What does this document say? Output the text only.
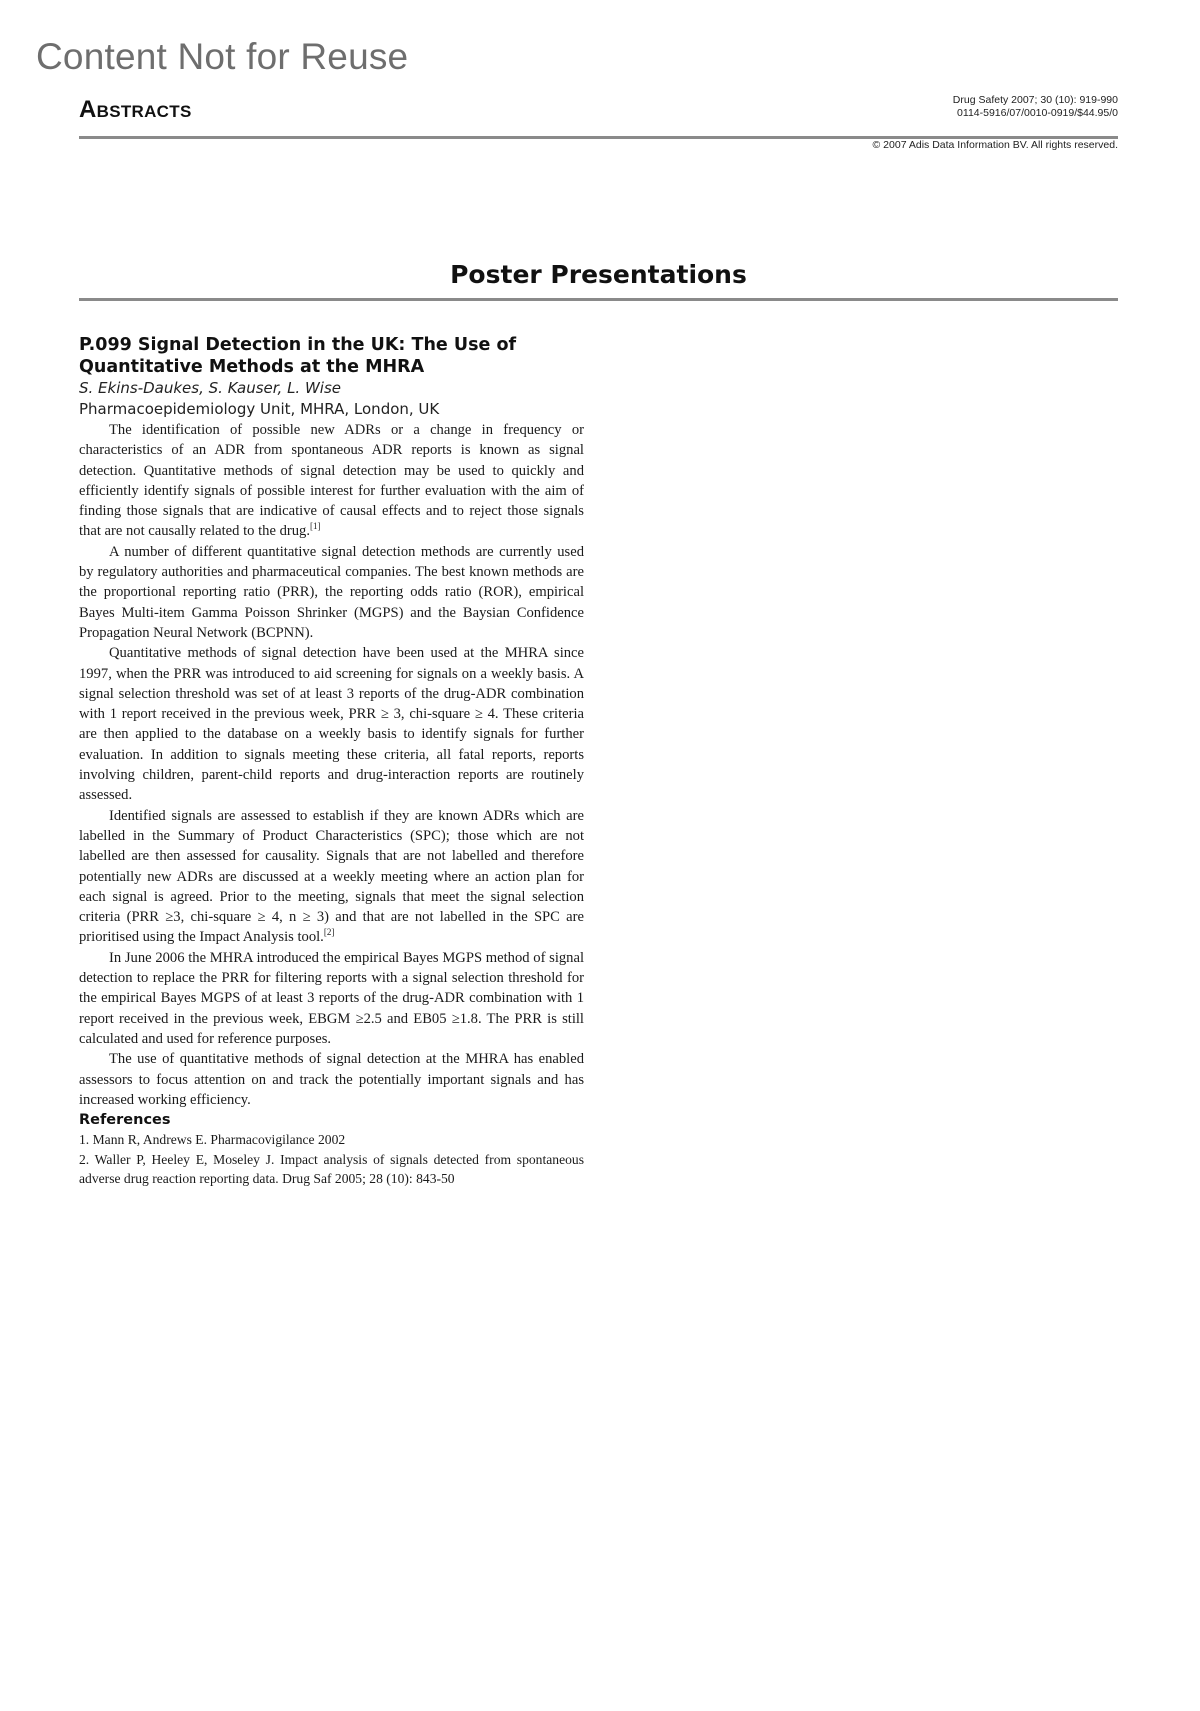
Content Not for Reuse
Abstracts	Drug Safety 2007; 30 (10): 919-990
0114-5916/07/0010-0919/$44.95/0
© 2007 Adis Data Information BV. All rights reserved.
Poster Presentations

P.099 Signal Detection in the UK: The Use of Quantitative Methods at the MHRA

S. Ekins-Daukes, S. Kauser, L. Wise

Pharmacoepidemiology Unit, MHRA, London, UK

The identification of possible new ADRs or a change in frequency or characteristics of an ADR from spontaneous ADR reports is known as signal detection. Quantitative methods of signal detection may be used to quickly and efficiently identify signals of possible interest for further evaluation with the aim of finding those signals that are indicative of causal effects and to reject those signals that are not causally related to the drug.[1]

A number of different quantitative signal detection methods are currently used by regulatory authorities and pharmaceutical companies. The best known methods are the proportional reporting ratio (PRR), the reporting odds ratio (ROR), empirical Bayes Multi-item Gamma Poisson Shrinker (MGPS) and the Baysian Confidence Propagation Neural Network (BCPNN).

Quantitative methods of signal detection have been used at the MHRA since 1997, when the PRR was introduced to aid screening for signals on a weekly basis. A signal selection threshold was set of at least 3 reports of the drug-ADR combination with 1 report received in the previous week, PRR ≥ 3, chi-square ≥ 4. These criteria are then applied to the database on a weekly basis to identify signals for further evaluation. In addition to signals meeting these criteria, all fatal reports, reports involving children, parent-child reports and drug-interaction reports are routinely assessed.

Identified signals are assessed to establish if they are known ADRs which are labelled in the Summary of Product Characteristics (SPC); those which are not labelled are then assessed for causality. Signals that are not labelled and therefore potentially new ADRs are discussed at a weekly meeting where an action plan for each signal is agreed. Prior to the meeting, signals that meet the signal selection criteria (PRR ≥3, chi-square ≥ 4, n ≥ 3) and that are not labelled in the SPC are prioritised using the Impact Analysis tool.[2]

In June 2006 the MHRA introduced the empirical Bayes MGPS method of signal detection to replace the PRR for filtering reports with a signal selection threshold for the empirical Bayes MGPS of at least 3 reports of the drug-ADR combination with 1 report received in the previous week, EBGM ≥2.5 and EB05 ≥1.8. The PRR is still calculated and used for reference purposes.

The use of quantitative methods of signal detection at the MHRA has enabled assessors to focus attention on and track the potentially important signals and has increased working efficiency.

References

1. Mann R, Andrews E. Pharmacovigilance 2002

2. Waller P, Heeley E, Moseley J. Impact analysis of signals detected from spontaneous adverse drug reaction reporting data. Drug Saf 2005; 28 (10): 843-50
